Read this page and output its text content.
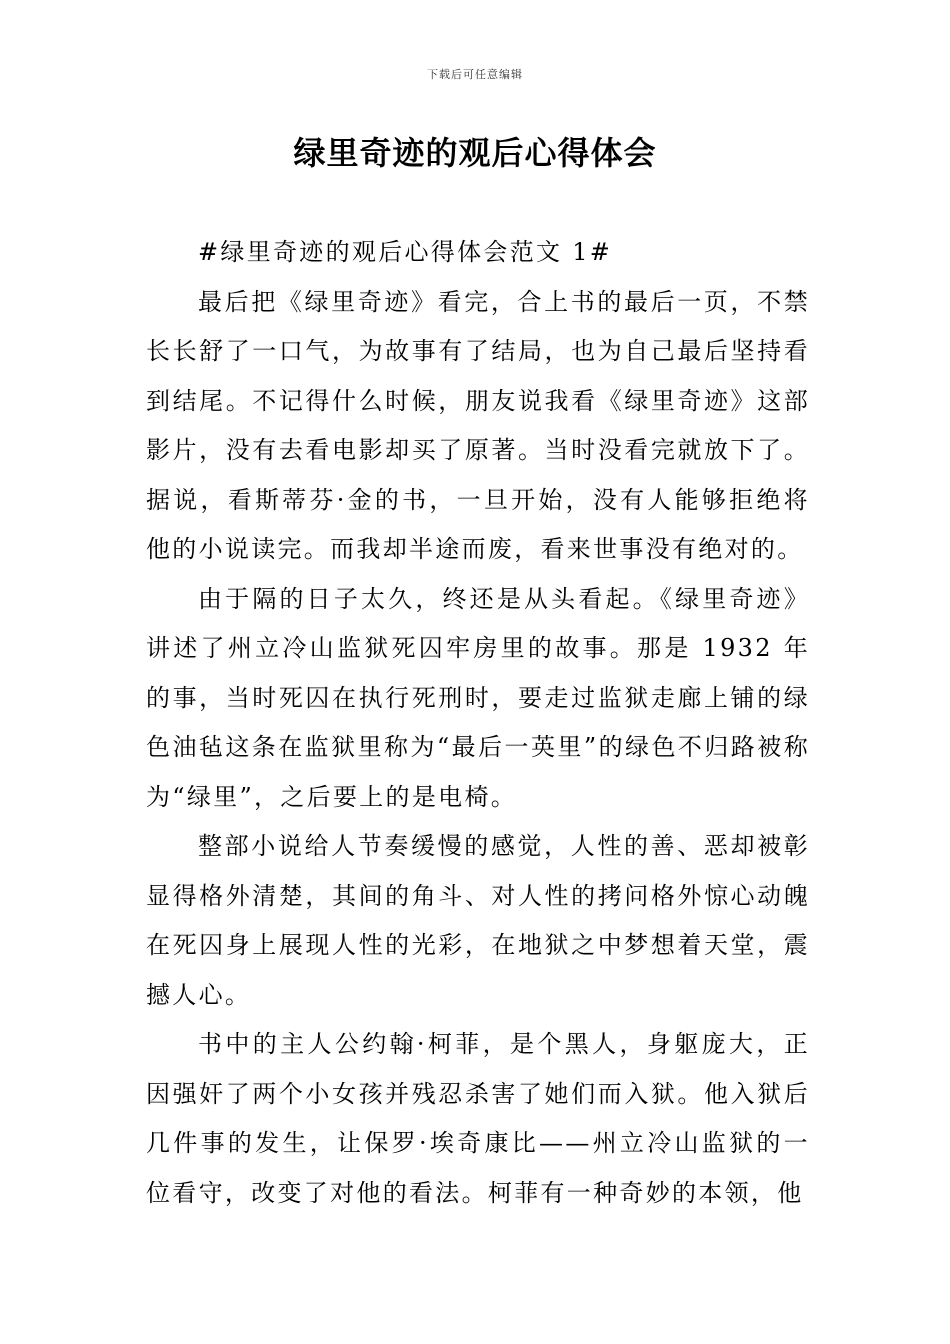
下载后可任意编辑
绿里奇迹的观后心得体会

#绿里奇迹的观后心得体会范文 1#

最后把《绿里奇迹》看完，合上书的最后一页，不禁长长舒了一口气，为故事有了结局，也为自己最后坚持看到结尾。不记得什么时候，朋友说我看《绿里奇迹》这部影片，没有去看电影却买了原著。当时没看完就放下了。据说，看斯蒂芬·金的书，一旦开始，没有人能够拒绝将他的小说读完。而我却半途而废，看来世事没有绝对的。

由于隔的日子太久，终还是从头看起。《绿里奇迹》讲述了州立冷山监狱死囚牢房里的故事。那是 1932 年的事，当时死囚在执行死刑时，要走过监狱走廊上铺的绿色油毡这条在监狱里称为“最后一英里”的绿色不归路被称为“绿里”，之后要上的是电椅。

整部小说给人节奏缓慢的感觉，人性的善、恶却被彰显得格外清楚，其间的角斗、对人性的拷问格外惊心动魄在死囚身上展现人性的光彩，在地狱之中梦想着天堂，震撼人心。

书中的主人公约翰·柯菲，是个黑人，身躯庞大，正因强奸了两个小女孩并残忍杀害了她们而入狱。他入狱后几件事的发生，让保罗·埃奇康比——州立冷山监狱的一位看守，改变了对他的看法。柯菲有一种奇妙的本领，他
